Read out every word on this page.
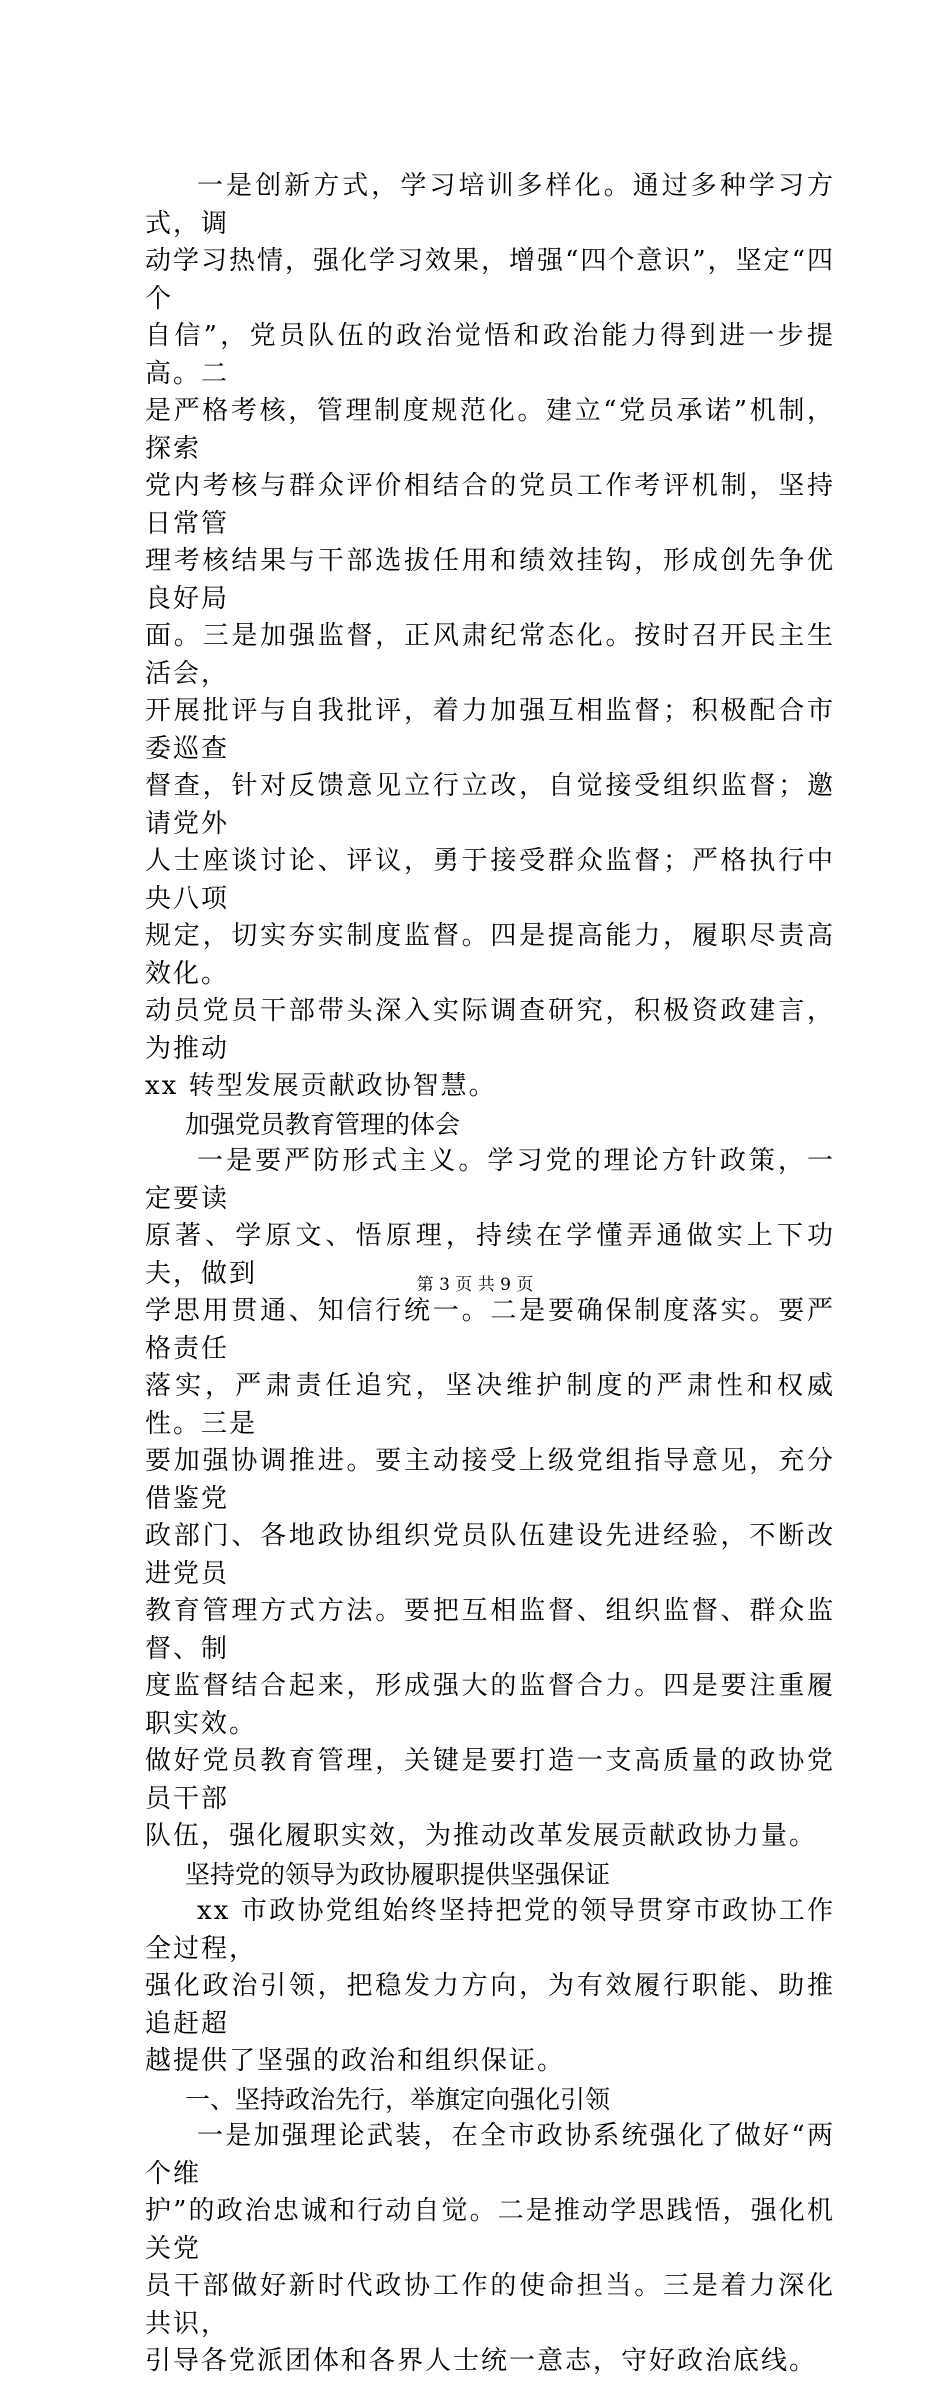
一是创新方式，学习培训多样化。通过多种学习方式，调
动学习热情，强化学习效果，增强“四个意识”，坚定“四个
自信”，党员队伍的政治觉悟和政治能力得到进一步提高。二
是严格考核，管理制度规范化。建立“党员承诺”机制，探索
党内考核与群众评价相结合的党员工作考评机制，坚持日常管
理考核结果与干部选拔任用和绩效挂钩，形成创先争优良好局
面。三是加强监督，正风肃纪常态化。按时召开民主生活会，
开展批评与自我批评，着力加强互相监督；积极配合市委巡查
督查，针对反馈意见立行立改，自觉接受组织监督；邀请党外
人士座谈讨论、评议，勇于接受群众监督；严格执行中央八项
规定，切实夯实制度监督。四是提高能力，履职尽责高效化。
动员党员干部带头深入实际调查研究，积极资政建言，为推动
xx 转型发展贡献政协智慧。

加强党员教育管理的体会

一是要严防形式主义。学习党的理论方针政策，一定要读
原著、学原文、悟原理，持续在学懂弄通做实上下功夫，做到
学思用贯通、知信行统一。二是要确保制度落实。要严格责任
落实，严肃责任追究，坚决维护制度的严肃性和权威性。三是
要加强协调推进。要主动接受上级党组指导意见，充分借鉴党
政部门、各地政协组织党员队伍建设先进经验，不断改进党员
教育管理方式方法。要把互相监督、组织监督、群众监督、制
度监督结合起来，形成强大的监督合力。四是要注重履职实效。
做好党员教育管理，关键是要打造一支高质量的政协党员干部
队伍，强化履职实效，为推动改革发展贡献政协力量。

坚持党的领导为政协履职提供坚强保证

xx 市政协党组始终坚持把党的领导贯穿市政协工作全过程，
强化政治引领，把稳发力方向，为有效履行职能、助推追赶超
越提供了坚强的政治和组织保证。

一、坚持政治先行，举旗定向强化引领

一是加强理论武装，在全市政协系统强化了做好“两个维
护”的政治忠诚和行动自觉。二是推动学思践悟，强化机关党
员干部做好新时代政协工作的使命担当。三是着力深化共识，
引导各党派团体和各界人士统一意志，守好政治底线。

第 3 页 共 9 页
